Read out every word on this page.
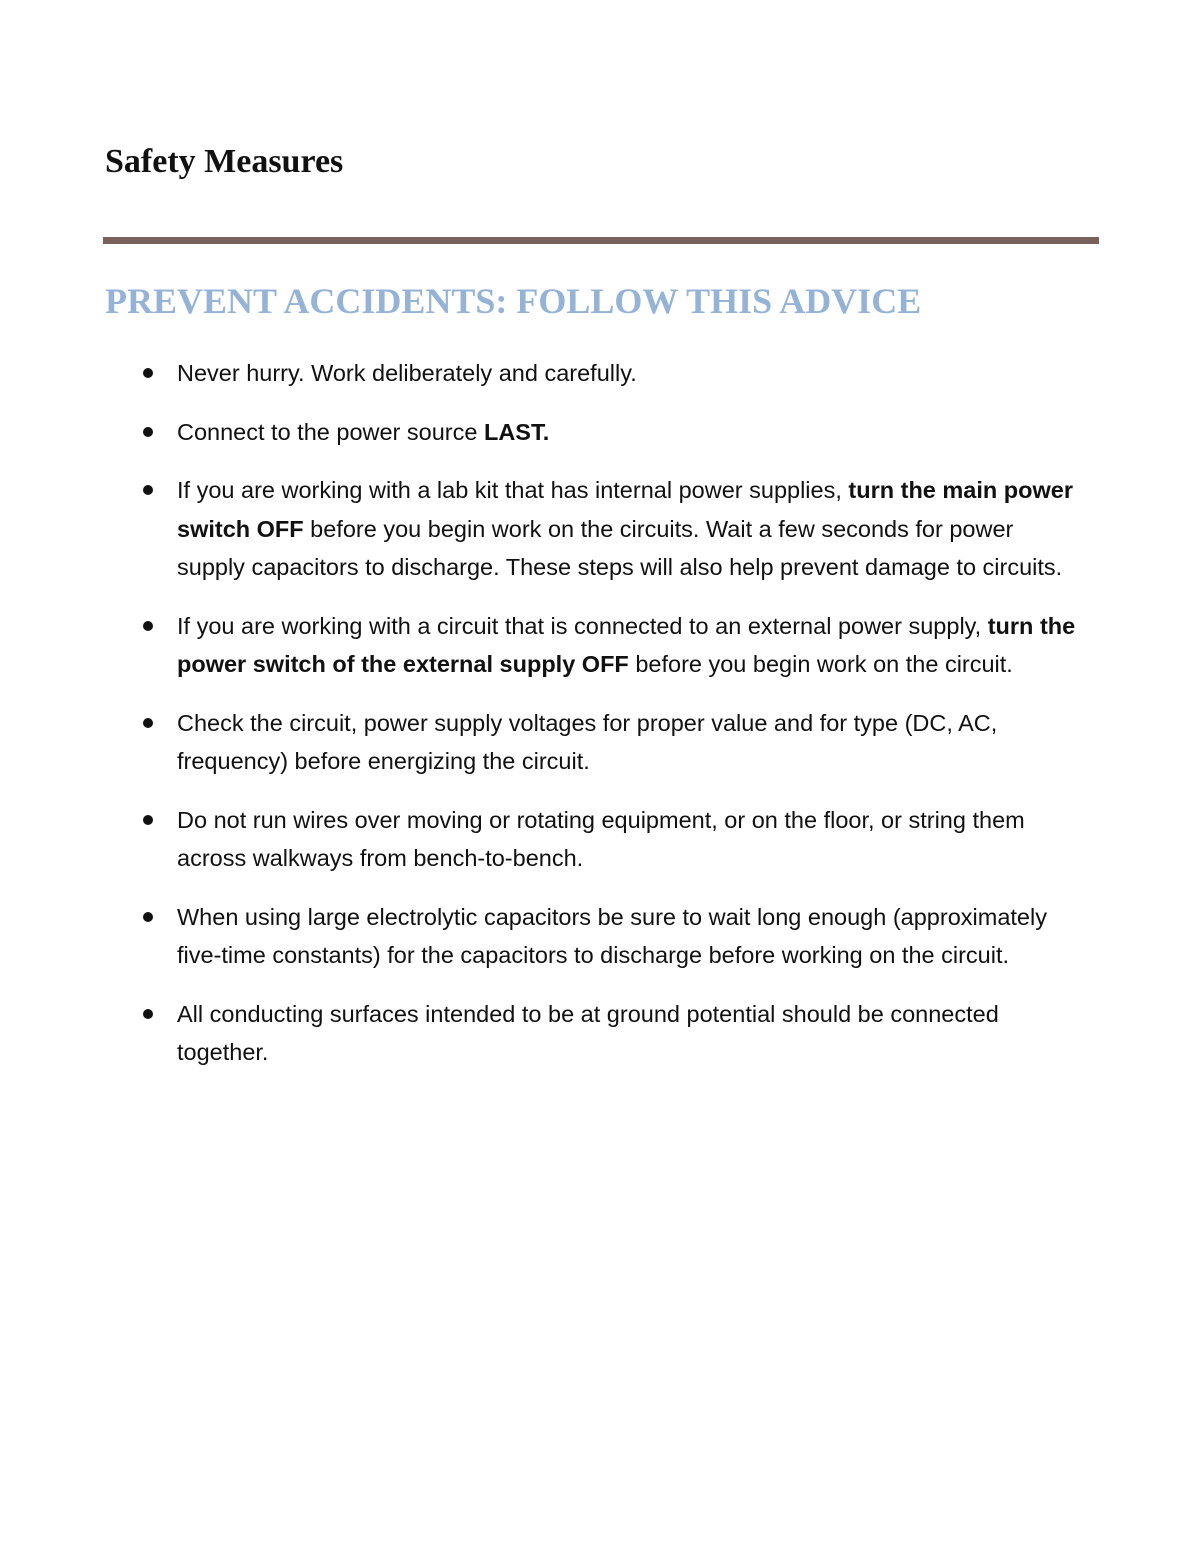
Safety Measures
PREVENT ACCIDENTS: FOLLOW THIS ADVICE
Never hurry. Work deliberately and carefully.
Connect to the power source LAST.
If you are working with a lab kit that has internal power supplies, turn the main power switch OFF before you begin work on the circuits. Wait a few seconds for power supply capacitors to discharge. These steps will also help prevent damage to circuits.
If you are working with a circuit that is connected to an external power supply, turn the power switch of the external supply OFF before you begin work on the circuit.
Check the circuit, power supply voltages for proper value and for type (DC, AC, frequency) before energizing the circuit.
Do not run wires over moving or rotating equipment, or on the floor, or string them across walkways from bench-to-bench.
When using large electrolytic capacitors be sure to wait long enough (approximately five-time constants) for the capacitors to discharge before working on the circuit.
All conducting surfaces intended to be at ground potential should be connected together.
